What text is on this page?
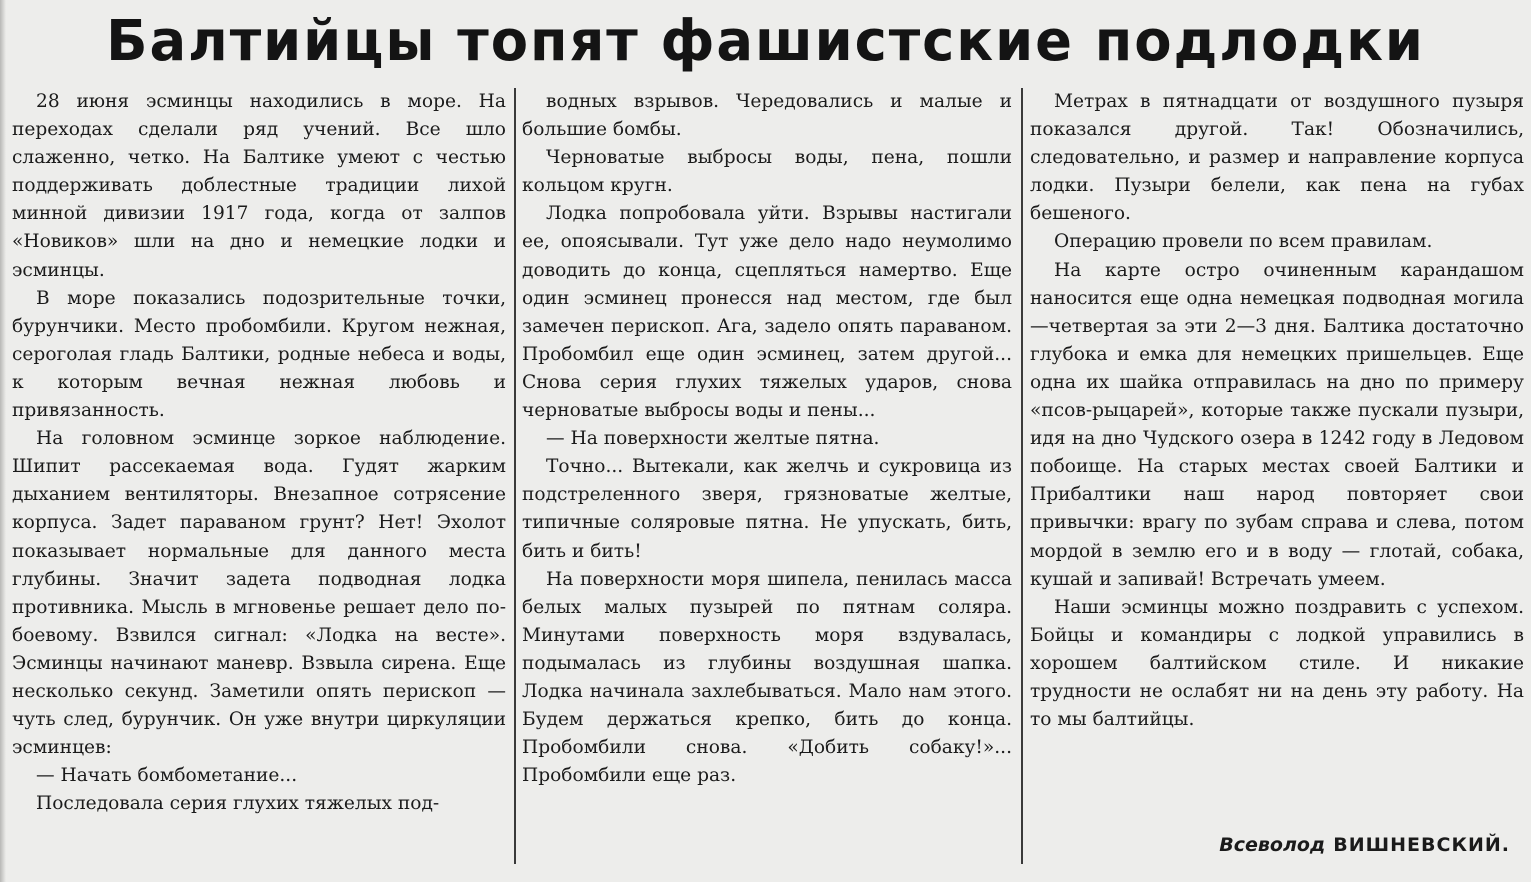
Балтийцы топят фашистские подлодки

28 июня эсминцы находились в море. На переходах сделали ряд учений. Все шло слаженно, четко. На Балтике умеют с честью поддерживать доблестные традиции лихой минной дивизии 1917 года, когда от залпов «Новиков» шли на дно и немецкие лодки и эсминцы.

В море показались подозрительные точки, бурунчики. Место пробомбили. Кругом нежная, сероголая гладь Балтики, родные небеса и воды, к которым вечная нежная любовь и привязанность.

На головном эсминце зоркое наблюдение. Шипит рассекаемая вода. Гудят жарким дыханием вентиляторы. Внезапное сотрясение корпуса. Задет параваном грунт? Нет! Эхолот показывает нормальные для данного места глубины. Значит задета подводная лодка противника. Мысль в мгновенье решает дело по-боевому. Взвился сигнал: «Лодка на весте». Эсминцы начинают маневр. Взвыла сирена. Еще несколько секунд. Заметили опять перископ — чуть след, бурунчик. Он уже внутри циркуляции эсминцев:

— Начать бомбометание...

Последовала серия глухих тяжелых под-

водных взрывов. Чередовались и малые и большие бомбы.

Черноватые выбросы воды, пена, пошли кольцом кругн.

Лодка попробовала уйти. Взрывы настигали ее, опоясывали. Тут уже дело надо неумолимо доводить до конца, сцепляться намертво. Еще один эсминец пронесся над местом, где был замечен перископ. Ага, задело опять параваном. Пробомбил еще один эсминец, затем другой... Снова серия глухих тяжелых ударов, снова черноватые выбросы воды и пены...

— На поверхности желтые пятна.

Точно... Вытекали, как желчь и сукровица из подстреленного зверя, грязноватые желтые, типичные соляровые пятна. Не упускать, бить, бить и бить!

На поверхности моря шипела, пенилась масса белых малых пузырей по пятнам соляра. Минутами поверхность моря вздувалась, подымалась из глубины воздушная шапка. Лодка начинала захлебываться. Мало нам этого. Будем держаться крепко, бить до конца. Пробомбили снова. «Добить собаку!»... Пробомбили еще раз.

Метрах в пятнадцати от воздушного пузыря показался другой. Так! Обозначились, следовательно, и размер и направление корпуса лодки. Пузыри белели, как пена на губах бешеного.

Операцию провели по всем правилам.

На карте остро очиненным карандашом наносится еще одна немецкая подводная могила—четвертая за эти 2—3 дня. Балтика достаточно глубока и емка для немецких пришельцев. Еще одна их шайка отправилась на дно по примеру «псов-рыцарей», которые также пускали пузыри, идя на дно Чудского озера в 1242 году в Ледовом побоище. На старых местах своей Балтики и Прибалтики наш народ повторяет свои привычки: врагу по зубам справа и слева, потом мордой в землю его и в воду — глотай, собака, кушай и запивай! Встречать умеем.

Наши эсминцы можно поздравить с успехом. Бойцы и командиры с лодкой управились в хорошем балтийском стиле. И никакие трудности не ослабят ни на день эту работу. На то мы балтийцы.

Всеволод ВИШНЕВСКИЙ.
